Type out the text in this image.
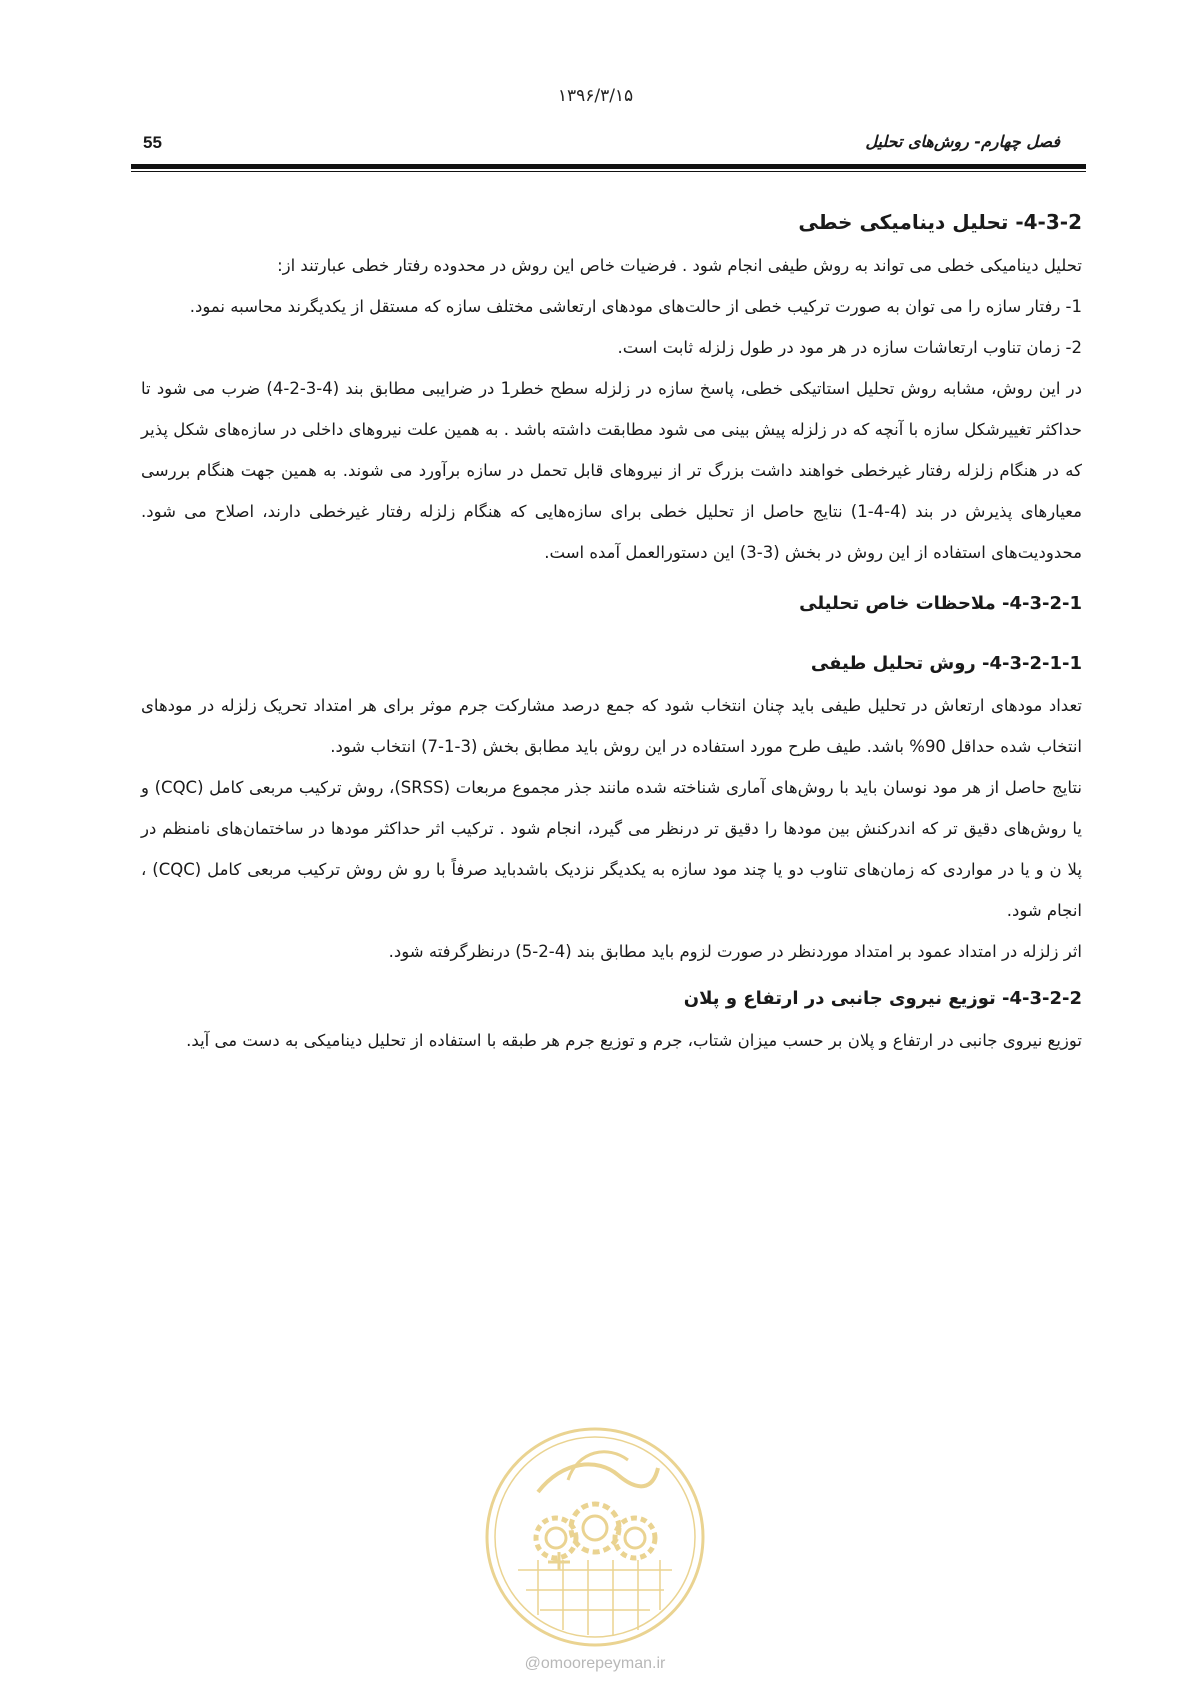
۱۳۹۶/۳/۱۵
55	فصل چهارم- روش‌های تحلیل
4-3-2- تحلیل دینامیکی خطی

تحلیل دینامیکی خطی می تواند به روش طیفی انجام شود . فرضیات خاص این روش در محدوده رفتار خطی عبارتند از:

1- رفتار سازه را می توان به صورت ترکیب خطی از حالت‌های مودهای ارتعاشی مختلف سازه که مستقل از یکدیگرند محاسبه نمود.

2- زمان تناوب ارتعاشات سازه در هر مود در طول زلزله ثابت است.

در این روش، مشابه روش تحلیل استاتیکی خطی، پاسخ سازه در زلزله سطح خطر1 در ضرایبی مطابق بند (4-3-2-4) ضرب می شود تا حداکثر تغییرشکل سازه با آنچه که در زلزله پیش بینی می شود مطابقت داشته باشد . به همین علت نیروهای داخلی در سازه‌های شکل پذیر که در هنگام زلزله رفتار غیرخطی خواهند داشت بزرگ تر از نیروهای قابل تحمل در سازه برآورد می شوند. به همین جهت هنگام بررسی معیارهای پذیرش در بند (4-4-1) نتایج حاصل از تحلیل خطی برای سازه‌هایی که هنگام زلزله رفتار غیرخطی دارند، اصلاح می شود. محدودیت‌های استفاده از این روش در بخش (3-3) این دستورالعمل آمده است.

4-3-2-1- ملاحظات خاص تحلیلی
4-3-2-1-1- روش تحلیل طیفی

تعداد مودهای ارتعاش در تحلیل طیفی باید چنان انتخاب شود که جمع درصد مشارکت جرم موثر برای هر امتداد تحریک زلزله در مودهای انتخاب شده حداقل 90% باشد. طیف طرح مورد استفاده در این روش باید مطابق بخش (3-1-7) انتخاب شود.

نتایج حاصل از هر مود نوسان باید با روش‌های آماری شناخته شده مانند جذر مجموع مربعات (SRSS)، روش ترکیب مربعی کامل (CQC) و یا روش‌های دقیق تر که اندرکنش بین مودها را دقیق تر درنظر می گیرد، انجام شود . ترکیب اثر حداکثر مودها در ساختمان‌های نامنظم در پلا ن و یا در مواردی که زمان‌های تناوب دو یا چند مود سازه به یکدیگر نزدیک باشدباید صرفاً با رو ش روش ترکیب مربعی کامل (CQC) ، انجام شود.

اثر زلزله در امتداد عمود بر امتداد موردنظر در صورت لزوم باید مطابق بند (4-2-5) درنظرگرفته شود.

4-3-2-2- توزیع نیروی جانبی در ارتفاع و پلان

توزیع نیروی جانبی در ارتفاع و پلان بر حسب میزان شتاب، جرم و توزیع جرم هر طبقه با استفاده از تحلیل دینامیکی به دست می آید.

@omoorepeyman.ir
